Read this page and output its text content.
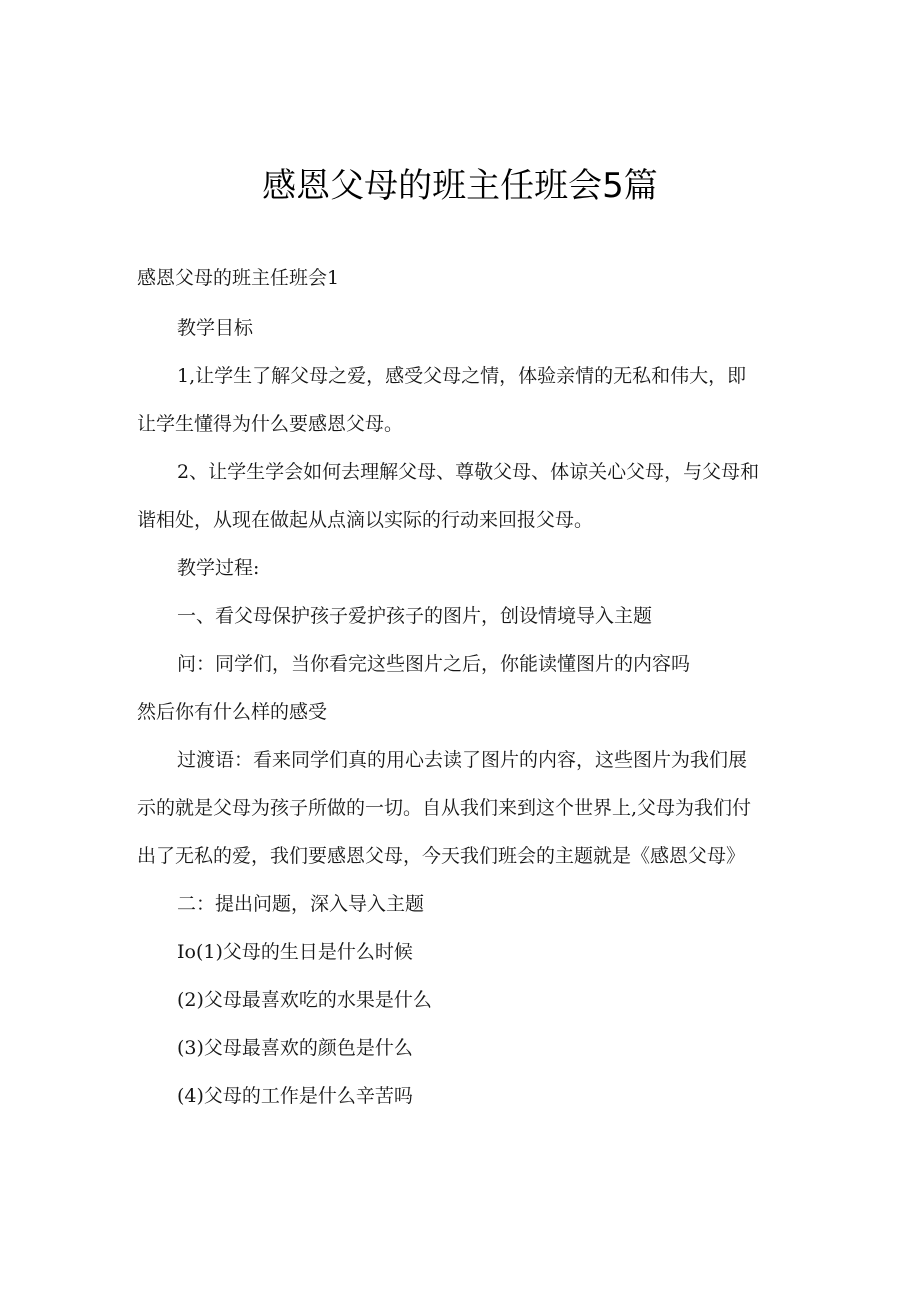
感恩父母的班主任班会5篇
感恩父母的班主任班会1
教学目标
1,让学生了解父母之爱，感受父母之情，体验亲情的无私和伟大，即
让学生懂得为什么要感恩父母。
2、让学生学会如何去理解父母、尊敬父母、体谅关心父母，与父母和
谐相处，从现在做起从点滴以实际的行动来回报父母。
教学过程:
一、看父母保护孩子爱护孩子的图片，创设情境导入主题
问：同学们，当你看完这些图片之后，你能读懂图片的内容吗
然后你有什么样的感受
过渡语：看来同学们真的用心去读了图片的内容，这些图片为我们展
示的就是父母为孩子所做的一切。自从我们来到这个世界上,父母为我们付
出了无私的爱，我们要感恩父母，今天我们班会的主题就是《感恩父母》
二：提出问题，深入导入主题
Io(1)父母的生日是什么时候
(2)父母最喜欢吃的水果是什么
(3)父母最喜欢的颜色是什么
(4)父母的工作是什么辛苦吗
